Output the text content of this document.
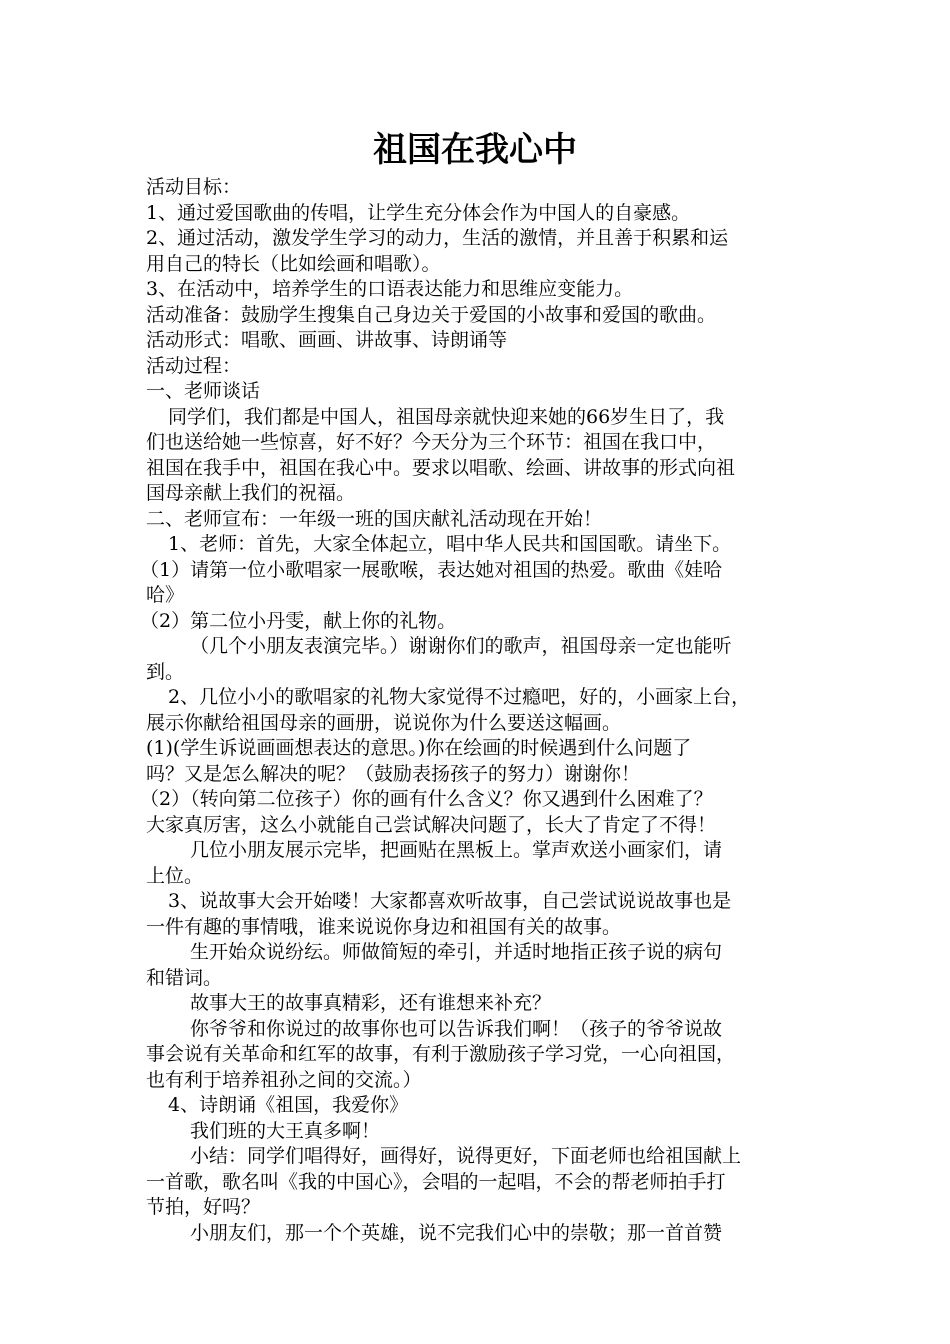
祖国在我心中

活动目标：

1、通过爱国歌曲的传唱，让学生充分体会作为中国人的自豪感。

2、通过活动，激发学生学习的动力，生活的激情，并且善于积累和运

用自己的特长（比如绘画和唱歌）。

3、在活动中，培养学生的口语表达能力和思维应变能力。

活动准备：鼓励学生搜集自己身边关于爱国的小故事和爱国的歌曲。

活动形式：唱歌、画画、讲故事、诗朗诵等

活动过程：

一、老师谈话

同学们，我们都是中国人，祖国母亲就快迎来她的66岁生日了，我

们也送给她一些惊喜，好不好？今天分为三个环节：祖国在我口中，

祖国在我手中，祖国在我心中。要求以唱歌、绘画、讲故事的形式向祖

国母亲献上我们的祝福。

二、老师宣布：一年级一班的国庆献礼活动现在开始！

1、老师：首先，大家全体起立，唱中华人民共和国国歌。请坐下。

（1）请第一位小歌唱家一展歌喉，表达她对祖国的热爱。歌曲《娃哈

哈》

（2）第二位小丹雯，献上你的礼物。

（几个小朋友表演完毕。）谢谢你们的歌声，祖国母亲一定也能听

到。

2、几位小小的歌唱家的礼物大家觉得不过瘾吧，好的，小画家上台，

展示你献给祖国母亲的画册，说说你为什么要送这幅画。

(1)(学生诉说画画想表达的意思。)你在绘画的时候遇到什么问题了

吗？又是怎么解决的呢？（鼓励表扬孩子的努力）谢谢你！

（2）（转向第二位孩子）你的画有什么含义？你又遇到什么困难了？

大家真厉害，这么小就能自己尝试解决问题了，长大了肯定了不得！

几位小朋友展示完毕，把画贴在黑板上。掌声欢送小画家们，请

上位。

3、说故事大会开始喽！大家都喜欢听故事，自己尝试说说故事也是

一件有趣的事情哦，谁来说说你身边和祖国有关的故事。

生开始众说纷纭。师做简短的牵引，并适时地指正孩子说的病句

和错词。

故事大王的故事真精彩，还有谁想来补充？

你爷爷和你说过的故事你也可以告诉我们啊！（孩子的爷爷说故

事会说有关革命和红军的故事，有利于激励孩子学习党，一心向祖国，

也有利于培养祖孙之间的交流。）

4、诗朗诵《祖国，我爱你》

我们班的大王真多啊！

小结：同学们唱得好，画得好，说得更好，下面老师也给祖国献上

一首歌，歌名叫《我的中国心》，会唱的一起唱，不会的帮老师拍手打

节拍，好吗？

小朋友们，那一个个英雄，说不完我们心中的崇敬；那一首首赞
